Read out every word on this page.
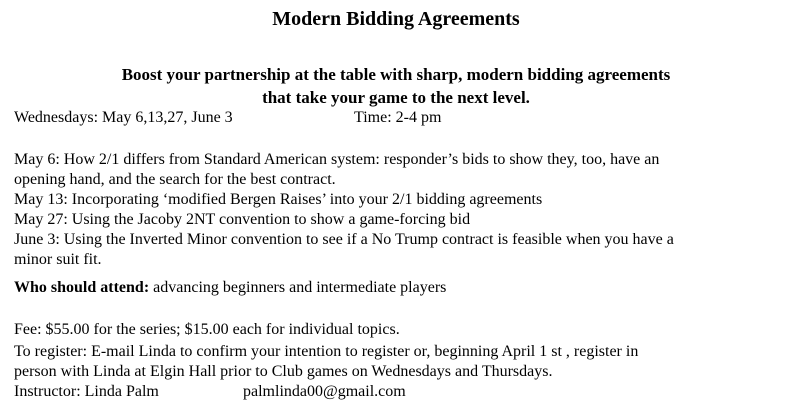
Modern Bidding Agreements
Boost your partnership at the table with sharp, modern bidding agreements
that take your game to the next level.
Wednesdays: May 6,13,27, June 3	Time: 2-4 pm
May 6: How 2/1 differs from Standard American system: responder’s bids to show they, too, have an
opening hand, and the search for the best contract.
May 13: Incorporating ‘modified Bergen Raises’ into your 2/1 bidding agreements
May 27: Using the Jacoby 2NT convention to show a game-forcing bid
June 3: Using the Inverted Minor convention to see if a No Trump contract is feasible when you have a
minor suit fit.
Who should attend: advancing beginners and intermediate players
Fee: $55.00 for the series; $15.00 each for individual topics.
To register: E-mail Linda to confirm your intention to register or, beginning April 1 st , register in
person with Linda at Elgin Hall prior to Club games on Wednesdays and Thursdays.
Instructor: Linda Palm	palmlinda00@gmail.com
